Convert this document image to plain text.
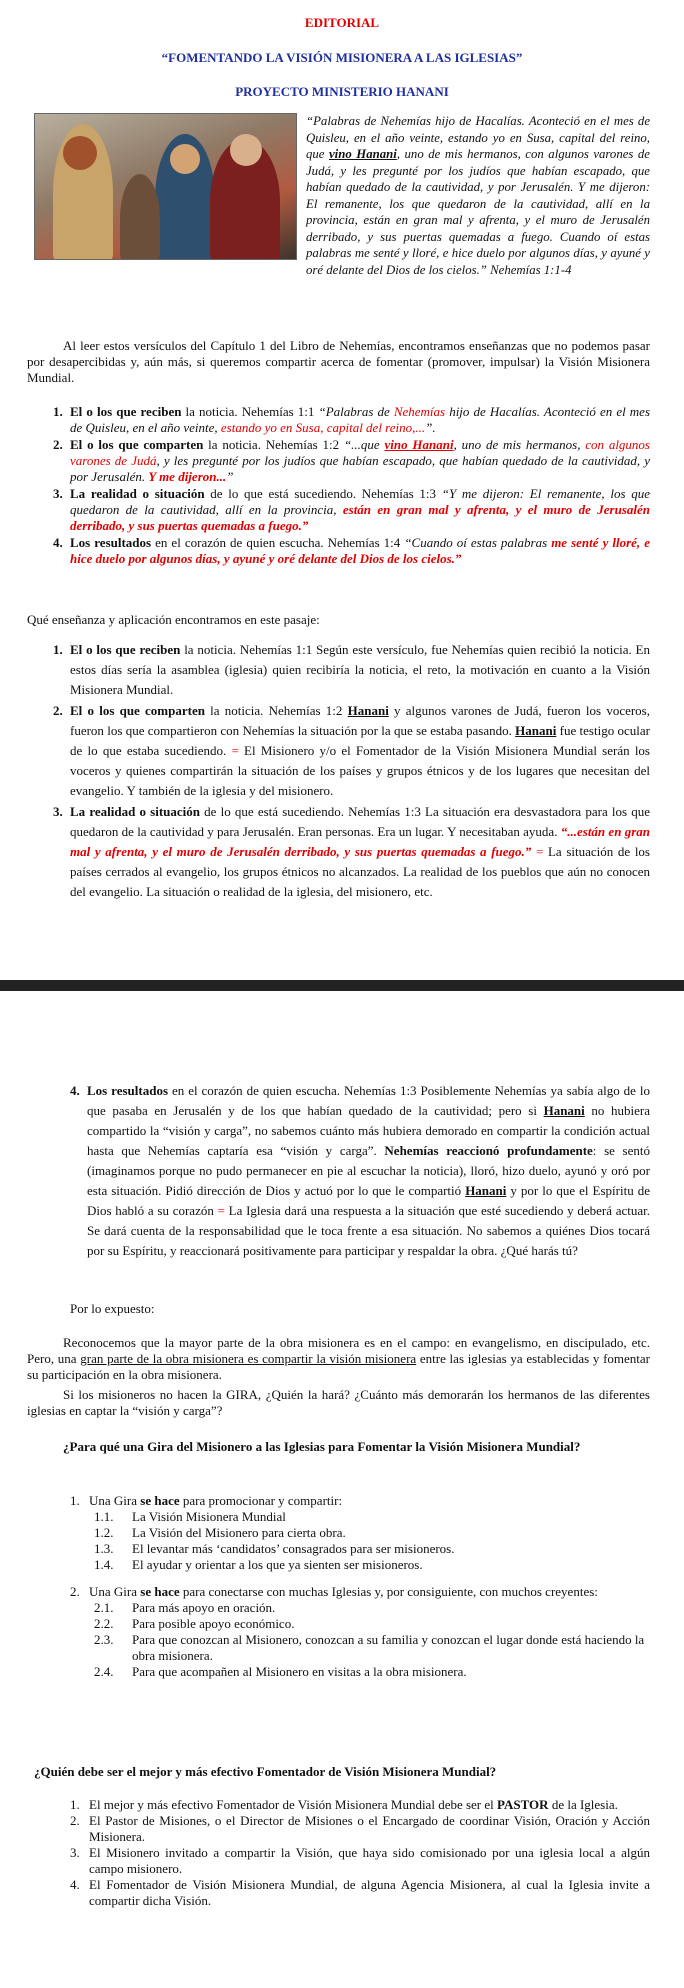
EDITORIAL

“FOMENTANDO LA VISIÓN MISIONERA A LAS IGLESIAS”

PROYECTO MINISTERIO HANANI

“Palabras de Nehemías hijo de Hacalías. Aconteció en el mes de Quisleu, en el año veinte, estando yo en Susa, capital del reino, que vino Hanani, uno de mis hermanos, con algunos varones de Judá, y les pregunté por los judíos que habían escapado, que habían quedado de la cautividad, y por Jerusalén. Y me dijeron: El remanente, los que quedaron de la cautividad, allí en la provincia, están en gran mal y afrenta, y el muro de Jerusalén derribado, y sus puertas quemadas a fuego. Cuando oí estas palabras me senté y lloré, e hice duelo por algunos días, y ayuné y oré delante del Dios de los cielos.” Nehemías 1:1-4

Al leer estos versículos del Capítulo 1 del Libro de Nehemías, encontramos enseñanzas que no podemos pasar por desapercibidas y, aún más, si queremos compartir acerca de fomentar (promover, impulsar) la Visión Misionera Mundial.

1. El o los que reciben la noticia. Nehemías 1:1 “Palabras de Nehemías hijo de Hacalías. Aconteció en el mes de Quisleu, en el año veinte, estando yo en Susa, capital del reino,...”.
2. El o los que comparten la noticia. Nehemías 1:2 “...que vino Hanani, uno de mis hermanos, con algunos varones de Judá, y les pregunté por los judíos que habían escapado, que habían quedado de la cautividad, y por Jerusalén. Y me dijeron...”
3. La realidad o situación de lo que está sucediendo. Nehemías 1:3 “Y me dijeron: El remanente, los que quedaron de la cautividad, allí en la provincia, están en gran mal y afrenta, y el muro de Jerusalén derribado, y sus puertas quemadas a fuego.”
4. Los resultados en el corazón de quien escucha. Nehemías 1:4 “Cuando oí estas palabras me senté y lloré, e hice duelo por algunos días, y ayuné y oré delante del Dios de los cielos.”

Qué enseñanza y aplicación encontramos en este pasaje:

1. El o los que reciben la noticia. Nehemías 1:1 Según este versículo, fue Nehemías quien recibió la noticia. En estos días sería la asamblea (iglesia) quien recibiría la noticia, el reto, la motivación en cuanto a la Visión Misionera Mundial.
2. El o los que comparten la noticia. Nehemías 1:2 Hanani y algunos varones de Judá, fueron los voceros, fueron los que compartieron con Nehemías la situación por la que se estaba pasando. Hanani fue testigo ocular de lo que estaba sucediendo. = El Misionero y/o el Fomentador de la Visión Misionera Mundial serán los voceros y quienes compartirán la situación de los países y grupos étnicos y de los lugares que necesitan del evangelio. Y también de la iglesia y del misionero.
3. La realidad o situación de lo que está sucediendo. Nehemías 1:3 La situación era desvastadora para los que quedaron de la cautividad y para Jerusalén. Eran personas. Era un lugar. Y necesitaban ayuda. “...están en gran mal y afrenta, y el muro de Jerusalén derribado, y sus puertas quemadas a fuego.” = La situación de los países cerrados al evangelio, los grupos étnicos no alcanzados. La realidad de los pueblos que aún no conocen del evangelio. La situación o realidad de la iglesia, del misionero, etc.
4. Los resultados en el corazón de quien escucha. Nehemías 1:3 Posiblemente Nehemías ya sabía algo de lo que pasaba en Jerusalén y de los que habían quedado de la cautividad; pero si Hanani no hubiera compartido la “visión y carga”, no sabemos cuánto más hubiera demorado en compartir la condición actual hasta que Nehemías captaría esa “visión y carga”. Nehemías reaccionó profundamente: se sentó (imaginamos porque no pudo permanecer en pie al escuchar la noticia), lloró, hizo duelo, ayunó y oró por esta situación. Pidió dirección de Dios y actuó por lo que le compartió Hanani y por lo que el Espíritu de Dios habló a su corazón = La Iglesia dará una respuesta a la situación que esté sucediendo y deberá actuar. Se dará cuenta de la responsabilidad que le toca frente a esa situación. No sabemos a quiénes Dios tocará por su Espíritu, y reaccionará positivamente para participar y respaldar la obra. ¿Qué harás tú?

Por lo expuesto:

Reconocemos que la mayor parte de la obra misionera es en el campo: en evangelismo, en discipulado, etc. Pero, una gran parte de la obra misionera es compartir la visión misionera entre las iglesias ya establecidas y fomentar su participación en la obra misionera.

Si los misioneros no hacen la GIRA, ¿Quién la hará? ¿Cuánto más demorarán los hermanos de las diferentes iglesias en captar la “visión y carga”?

¿Para qué una Gira del Misionero a las Iglesias para Fomentar la Visión Misionera Mundial?

1. Una Gira se hace para promocionar y compartir:

1.1. La Visión Misionera Mundial

1.2. La Visión del Misionero para cierta obra.

1.3. El levantar más ‘candidatos’ consagrados para ser misioneros.

1.4. El ayudar y orientar a los que ya sienten ser misioneros.

2. Una Gira se hace para conectarse con muchas Iglesias y, por consiguiente, con muchos creyentes:

2.1. Para más apoyo en oración.

2.2. Para posible apoyo económico.

2.3. Para que conozcan al Misionero, conozcan a su familia y conozcan el lugar donde está haciendo la obra misionera.

2.4. Para que acompañen al Misionero en visitas a la obra misionera.

¿Quién debe ser el mejor y más efectivo Fomentador de Visión Misionera Mundial?

1. El mejor y más efectivo Fomentador de Visión Misionera Mundial debe ser el PASTOR de la Iglesia.

2. El Pastor de Misiones, o el Director de Misiones o el Encargado de coordinar Visión, Oración y Acción Misionera.

3. El Misionero invitado a compartir la Visión, que haya sido comisionado por una iglesia local a algún campo misionero.

4. El Fomentador de Visión Misionera Mundial, de alguna Agencia Misionera, al cual la Iglesia invite a compartir dicha Visión.
